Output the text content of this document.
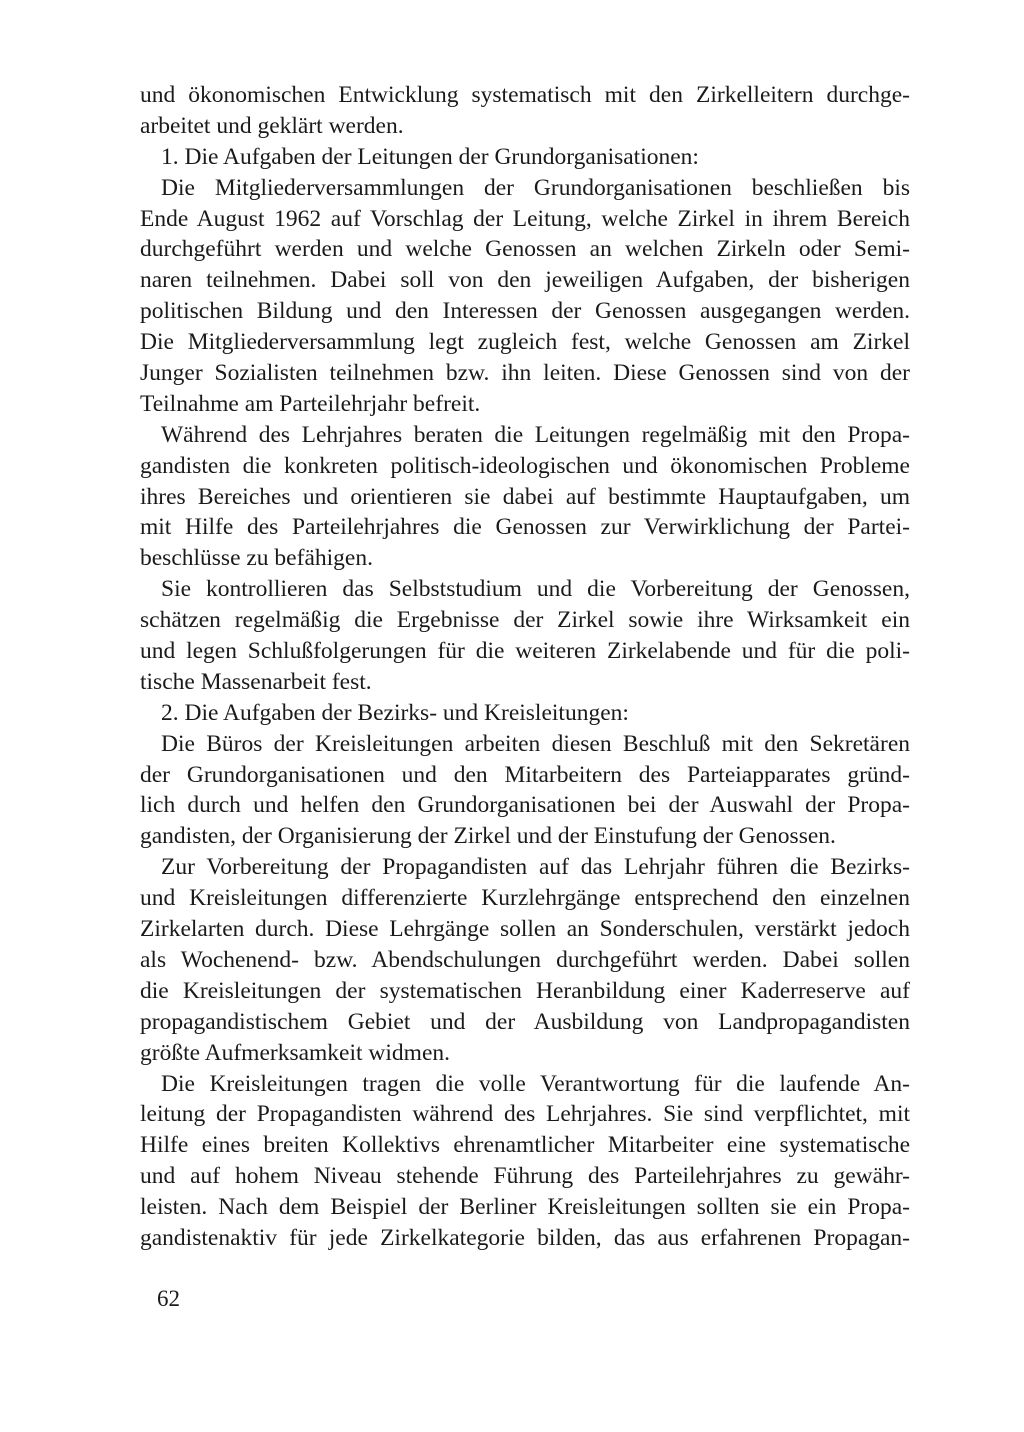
und ökonomischen Entwicklung systematisch mit den Zirkelleitern durchge-
arbeitet und geklärt werden.
1. Die Aufgaben der Leitungen der Grundorganisationen:
Die Mitgliederversammlungen der Grundorganisationen beschließen bis
Ende August 1962 auf Vorschlag der Leitung, welche Zirkel in ihrem Bereich
durchgeführt werden und welche Genossen an welchen Zirkeln oder Semi-
naren teilnehmen. Dabei soll von den jeweiligen Aufgaben, der bisherigen
politischen Bildung und den Interessen der Genossen ausgegangen werden.
Die Mitgliederversammlung legt zugleich fest, welche Genossen am Zirkel
Junger Sozialisten teilnehmen bzw. ihn leiten. Diese Genossen sind von der
Teilnahme am Parteilehrjahr befreit.
Während des Lehrjahres beraten die Leitungen regelmäßig mit den Propa-
gandisten die konkreten politisch-ideologischen und ökonomischen Probleme
ihres Bereiches und orientieren sie dabei auf bestimmte Hauptaufgaben, um
mit Hilfe des Parteilehrjahres die Genossen zur Verwirklichung der Partei-
beschlüsse zu befähigen.
Sie kontrollieren das Selbststudium und die Vorbereitung der Genossen,
schätzen regelmäßig die Ergebnisse der Zirkel sowie ihre Wirksamkeit ein
und legen Schlußfolgerungen für die weiteren Zirkelabende und für die poli-
tische Massenarbeit fest.
2. Die Aufgaben der Bezirks- und Kreisleitungen:
Die Büros der Kreisleitungen arbeiten diesen Beschluß mit den Sekretären
der Grundorganisationen und den Mitarbeitern des Parteiapparates gründ-
lich durch und helfen den Grundorganisationen bei der Auswahl der Propa-
gandisten, der Organisierung der Zirkel und der Einstufung der Genossen.
Zur Vorbereitung der Propagandisten auf das Lehrjahr führen die Bezirks-
und Kreisleitungen differenzierte Kurzlehrgänge entsprechend den einzelnen
Zirkelarten durch. Diese Lehrgänge sollen an Sonderschulen, verstärkt jedoch
als Wochenend- bzw. Abendschulungen durchgeführt werden. Dabei sollen
die Kreisleitungen der systematischen Heranbildung einer Kaderreserve auf
propagandistischem Gebiet und der Ausbildung von Landpropagandisten
größte Aufmerksamkeit widmen.
Die Kreisleitungen tragen die volle Verantwortung für die laufende An-
leitung der Propagandisten während des Lehrjahres. Sie sind verpflichtet, mit
Hilfe eines breiten Kollektivs ehrenamtlicher Mitarbeiter eine systematische
und auf hohem Niveau stehende Führung des Parteilehrjahres zu gewähr-
leisten. Nach dem Beispiel der Berliner Kreisleitungen sollten sie ein Propa-
gandistenaktiv für jede Zirkelkategorie bilden, das aus erfahrenen Propagan-
62
